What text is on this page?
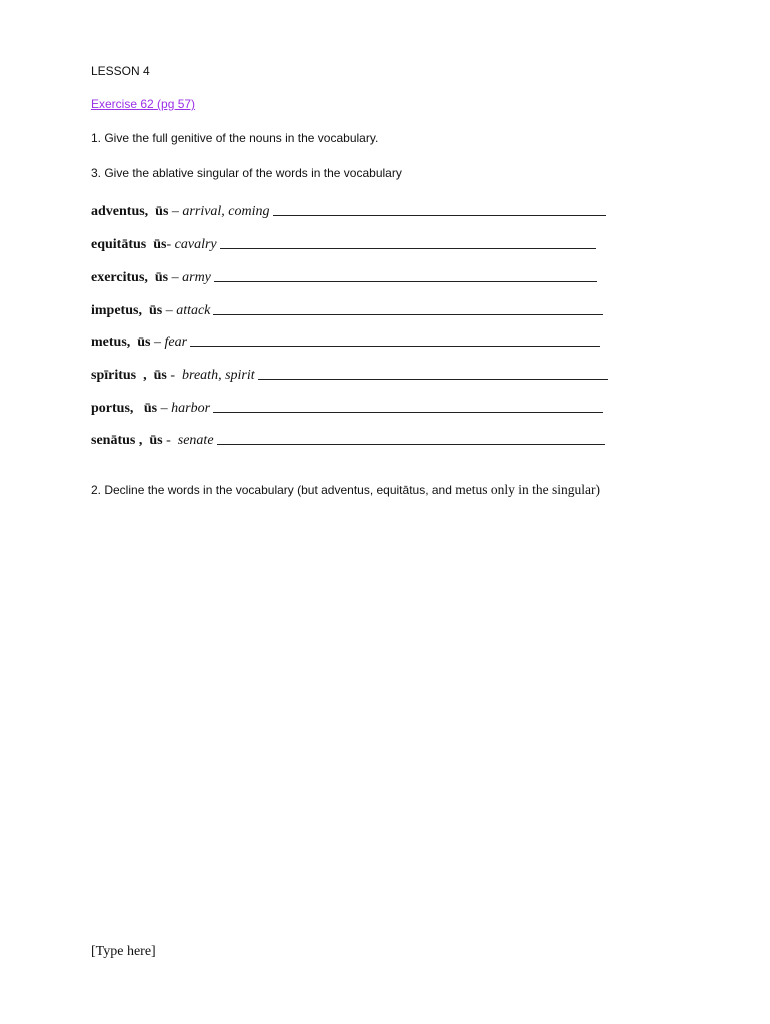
LESSON 4
Exercise 62 (pg 57)
1. Give the full genitive of the nouns in the vocabulary.
3. Give the ablative singular of the words in the vocabulary
adventus,  ūs – arrival, coming
equitātus  ūs - cavalry
exercitus,  ūs – army
impetus,  ūs – attack
metus,  ūs – fear
spīritus  ,  ūs - breath, spirit
portus,   ūs – harbor
senātus ,  ūs - senate
2. Decline the words in the vocabulary (but adventus, equitātus, and metus only in the singular)
[Type here]
